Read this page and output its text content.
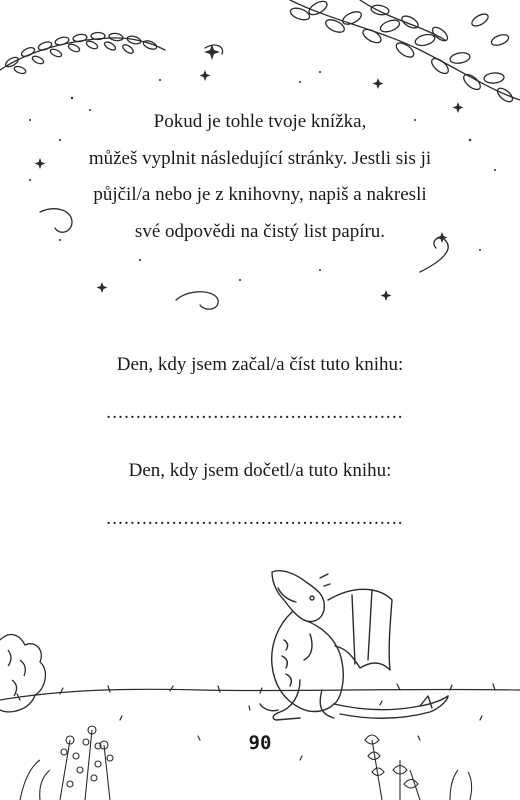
Pokud je tohle tvoje knížka,
můžeš vyplnit následující stránky. Jestli sis ji
půjčil/a nebo je z knihovny, napiš a nakresli
své odpovědi na čistý list papíru.
Den, kdy jsem začal/a číst tuto knihu:
..................................................
Den, kdy jsem dočetl/a tuto knihu:
..................................................
90
